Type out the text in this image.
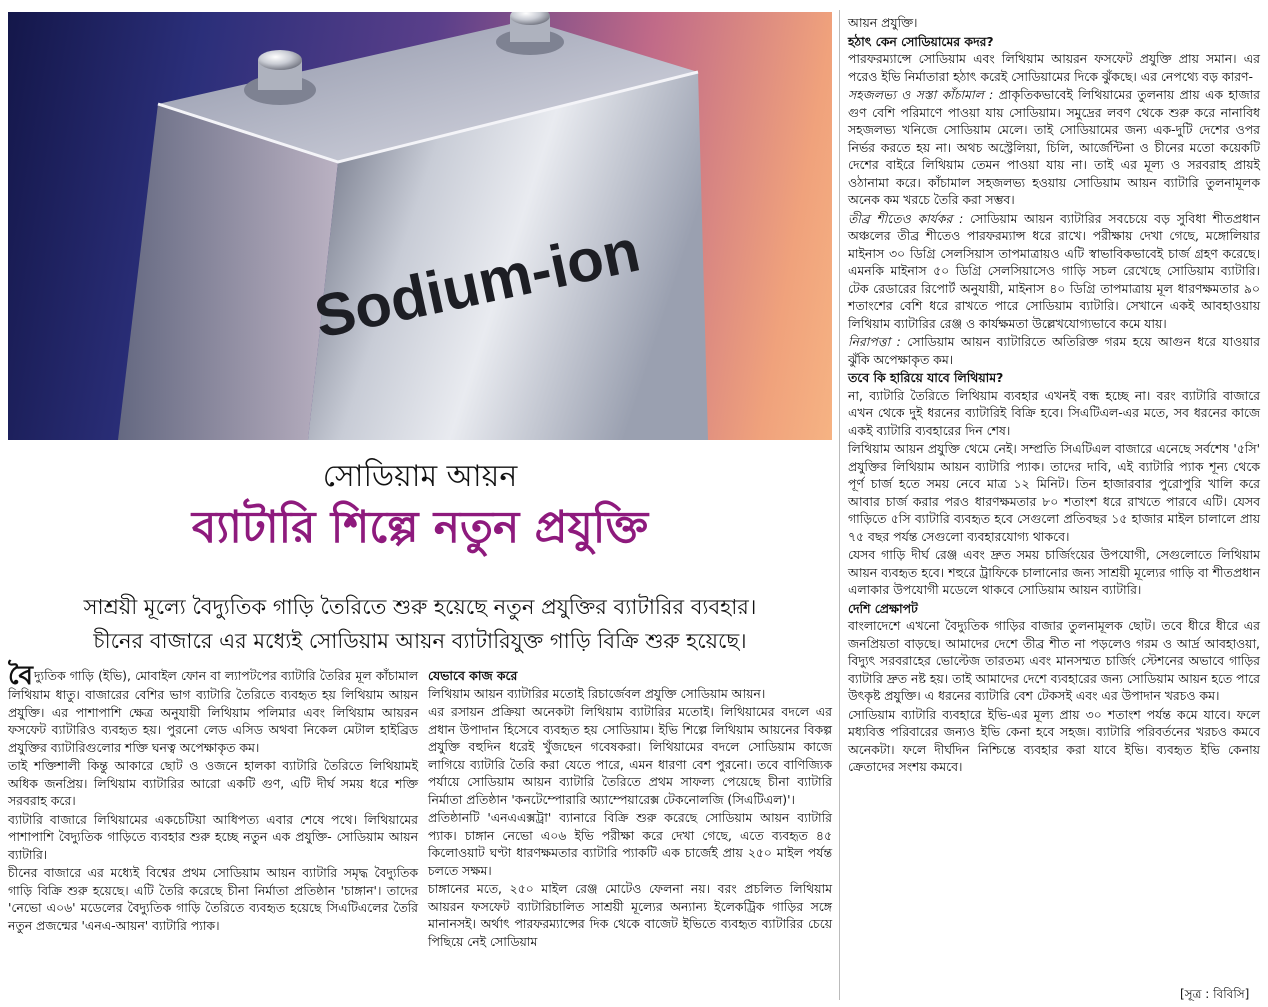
Sodium-ion
সোডিয়াম আয়ন
ব্যাটারি শিল্পে নতুন প্রযুক্তি
সাশ্রয়ী মূল্যে বৈদ্যুতিক গাড়ি তৈরিতে শুরু হয়েছে নতুন প্রযুক্তির ব্যাটারির ব্যবহার।
চীনের বাজারে এর মধ্যেই সোডিয়াম আয়ন ব্যাটারিযুক্ত গাড়ি বিক্রি শুরু হয়েছে।

বৈদ্যুতিক গাড়ি (ইভি), মোবাইল ফোন বা ল্যাপটপের ব্যাটারি তৈরির মূল কাঁচামাল লিথিয়াম ধাতু। বাজারের বেশির ভাগ ব্যাটারি তৈরিতে ব্যবহৃত হয় লিথিয়াম আয়ন প্রযুক্তি। এর পাশাপাশি ক্ষেত্র অনুযায়ী লিথিয়াম পলিমার এবং লিথিয়াম আয়রন ফসফেট ব্যাটারিও ব্যবহৃত হয়। পুরনো লেড এসিড অথবা নিকেল মেটাল হাইব্রিড প্রযুক্তির ব্যাটারিগুলোর শক্তি ঘনত্ব অপেক্ষাকৃত কম।

তাই শক্তিশালী কিন্তু আকারে ছোট ও ওজনে হালকা ব্যাটারি তৈরিতে লিথিয়ামই অধিক জনপ্রিয়। লিথিয়াম ব্যাটারির আরো একটি গুণ, এটি দীর্ঘ সময় ধরে শক্তি সরবরাহ করে।

ব্যাটারি বাজারে লিথিয়ামের একচেটিয়া আধিপত্য এবার শেষে পথে। লিথিয়ামের পাশাপাশি বৈদ্যুতিক গাড়িতে ব্যবহার শুরু হচ্ছে নতুন এক প্রযুক্তি- সোডিয়াম আয়ন ব্যাটারি।

চীনের বাজারে এর মধ্যেই বিশ্বের প্রথম সোডিয়াম আয়ন ব্যাটারি সমৃদ্ধ বৈদ্যুতিক গাড়ি বিক্রি শুরু হয়েছে। এটি তৈরি করেছে চীনা নির্মাতা প্রতিষ্ঠান 'চাঙ্গান'। তাদের 'নেভো এ০৬' মডেলের বৈদ্যুতিক গাড়ি তৈরিতে ব্যবহৃত হয়েছে সিএটিএলের তৈরি নতুন প্রজন্মের 'এনএ-আয়ন' ব্যাটারি প্যাক।

যেভাবে কাজ করে

লিথিয়াম আয়ন ব্যাটারির মতোই রিচার্জেবল প্রযুক্তি সোডিয়াম আয়ন।

এর রসায়ন প্রক্রিয়া অনেকটা লিথিয়াম ব্যাটারির মতোই। লিথিয়ামের বদলে এর প্রধান উপাদান হিসেবে ব্যবহৃত হয় সোডিয়াম। ইভি শিল্পে লিথিয়াম আয়নের বিকল্প প্রযুক্তি বহুদিন ধরেই খুঁজছেন গবেষকরা। লিথিয়ামের বদলে সোডিয়াম কাজে লাগিয়ে ব্যাটারি তৈরি করা যেতে পারে, এমন ধারণা বেশ পুরনো। তবে বাণিজ্যিক পর্যায়ে সোডিয়াম আয়ন ব্যাটারি তৈরিতে প্রথম সাফল্য পেয়েছে চীনা ব্যাটারি নির্মাতা প্রতিষ্ঠান 'কনটেম্পোরারি অ্যাম্পেয়ারেক্স টেকনোলজি (সিএটিএল)'।

প্রতিষ্ঠানটি 'এনএএক্সট্রা' ব্যানারে বিক্রি শুরু করেছে সোডিয়াম আয়ন ব্যাটারি প্যাক। চাঙ্গান নেভো এ০৬ ইভি পরীক্ষা করে দেখা গেছে, এতে ব্যবহৃত ৪৫ কিলোওয়াট ঘণ্টা ধারণক্ষমতার ব্যাটারি প্যাকটি এক চার্জেই প্রায় ২৫০ মাইল পর্যন্ত চলতে সক্ষম।

চাঙ্গানের মতে, ২৫০ মাইল রেঞ্জ মোটেও ফেলনা নয়। বরং প্রচলিত লিথিয়াম আয়রন ফসফেট ব্যাটারিচালিত সাশ্রয়ী মূল্যের অন্যান্য ইলেকট্রিক গাড়ির সঙ্গে মানানসই। অর্থাৎ পারফরম্যান্সের দিক থেকে বাজেট ইভিতে ব্যবহৃত ব্যাটারির চেয়ে পিছিয়ে নেই সোডিয়াম

আয়ন প্রযুক্তি।

হঠাৎ কেন সোডিয়ামের কদর?

পারফরম্যান্সে সোডিয়াম এবং লিথিয়াম আয়রন ফসফেট প্রযুক্তি প্রায় সমান। এর পরেও ইভি নির্মাতারা হঠাৎ করেই সোডিয়ামের দিকে ঝুঁকছে। এর নেপথ্যে বড় কারণ-

সহজলভ্য ও সস্তা কাঁচামাল : প্রাকৃতিকভাবেই লিথিয়ামের তুলনায় প্রায় এক হাজার গুণ বেশি পরিমাণে পাওয়া যায় সোডিয়াম। সমুদ্রের লবণ থেকে শুরু করে নানাবিধ সহজলভ্য খনিজে সোডিয়াম মেলে। তাই সোডিয়ামের জন্য এক-দুটি দেশের ওপর নির্ভর করতে হয় না। অথচ অস্ট্রেলিয়া, চিলি, আর্জেন্টিনা ও চীনের মতো কয়েকটি দেশের বাইরে লিথিয়াম তেমন পাওয়া যায় না। তাই এর মূল্য ও সরবরাহ প্রায়ই ওঠানামা করে। কাঁচামাল সহজলভ্য হওয়ায় সোডিয়াম আয়ন ব্যাটারি তুলনামূলক অনেক কম খরচে তৈরি করা সম্ভব।

তীব্র শীতেও কার্যকর : সোডিয়াম আয়ন ব্যাটারির সবচেয়ে বড় সুবিধা শীতপ্রধান অঞ্চলের তীব্র শীতেও পারফরম্যান্স ধরে রাখে। পরীক্ষায় দেখা গেছে, মঙ্গোলিয়ার মাইনাস ৩০ ডিগ্রি সেলসিয়াস তাপমাত্রায়ও এটি স্বাভাবিকভাবেই চার্জ গ্রহণ করেছে। এমনকি মাইনাস ৫০ ডিগ্রি সেলসিয়াসেও গাড়ি সচল রেখেছে সোডিয়াম ব্যাটারি। টেক রেডারের রিপোর্ট অনুযায়ী, মাইনাস ৪০ ডিগ্রি তাপমাত্রায় মূল ধারণক্ষমতার ৯০ শতাংশের বেশি ধরে রাখতে পারে সোডিয়াম ব্যাটারি। সেখানে একই আবহাওয়ায় লিথিয়াম ব্যাটারির রেঞ্জ ও কার্যক্ষমতা উল্লেখযোগ্যভাবে কমে যায়।

নিরাপত্তা : সোডিয়াম আয়ন ব্যাটারিতে অতিরিক্ত গরম হয়ে আগুন ধরে যাওয়ার ঝুঁকি অপেক্ষাকৃত কম।

তবে কি হারিয়ে যাবে লিথিয়াম?

না, ব্যাটারি তৈরিতে লিথিয়াম ব্যবহার এখনই বন্ধ হচ্ছে না। বরং ব্যাটারি বাজারে এখন থেকে দুই ধরনের ব্যাটারিই বিক্রি হবে। সিএটিএল-এর মতে, সব ধরনের কাজে একই ব্যাটারি ব্যবহারের দিন শেষ।

লিথিয়াম আয়ন প্রযুক্তি থেমে নেই। সম্প্রতি সিএটিএল বাজারে এনেছে সর্বশেষ '৫সি' প্রযুক্তির লিথিয়াম আয়ন ব্যাটারি প্যাক। তাদের দাবি, এই ব্যাটারি প্যাক শূন্য থেকে পূর্ণ চার্জ হতে সময় নেবে মাত্র ১২ মিনিট। তিন হাজারবার পুরোপুরি খালি করে আবার চার্জ করার পরও ধারণক্ষমতার ৮০ শতাংশ ধরে রাখতে পারবে এটি। যেসব গাড়িতে ৫সি ব্যাটারি ব্যবহৃত হবে সেগুলো প্রতিবছর ১৫ হাজার মাইল চালালে প্রায় ৭৫ বছর পর্যন্ত সেগুলো ব্যবহারযোগ্য থাকবে।

যেসব গাড়ি দীর্ঘ রেঞ্জ এবং দ্রুত সময় চার্জিংয়ের উপযোগী, সেগুলোতে লিথিয়াম আয়ন ব্যবহৃত হবে। শহুরে ট্রাফিকে চালানোর জন্য সাশ্রয়ী মূল্যের গাড়ি বা শীতপ্রধান এলাকার উপযোগী মডেলে থাকবে সোডিয়াম আয়ন ব্যাটারি।

দেশি প্রেক্ষাপট

বাংলাদেশে এখনো বৈদ্যুতিক গাড়ির বাজার তুলনামূলক ছোট। তবে ধীরে ধীরে এর জনপ্রিয়তা বাড়ছে। আমাদের দেশে তীব্র শীত না পড়লেও গরম ও আর্দ্র আবহাওয়া, বিদ্যুৎ সরবরাহের ভোল্টেজ তারতম্য এবং মানসম্মত চার্জিং স্টেশনের অভাবে গাড়ির ব্যাটারি দ্রুত নষ্ট হয়। তাই আমাদের দেশে ব্যবহারের জন্য সোডিয়াম আয়ন হতে পারে উৎকৃষ্ট প্রযুক্তি। এ ধরনের ব্যাটারি বেশ টেকসই এবং এর উপাদান খরচও কম।

সোডিয়াম ব্যাটারি ব্যবহারে ইভি-এর মূল্য প্রায় ৩০ শতাংশ পর্যন্ত কমে যাবে। ফলে মধ্যবিত্ত পরিবারের জন্যও ইভি কেনা হবে সহজ। ব্যাটারি পরিবর্তনের খরচও কমবে অনেকটা। ফলে দীর্ঘদিন নিশ্চিন্তে ব্যবহার করা যাবে ইভি। ব্যবহৃত ইভি কেনায় ক্রেতাদের সংশয় কমবে।

[সূত্র : বিবিসি]
